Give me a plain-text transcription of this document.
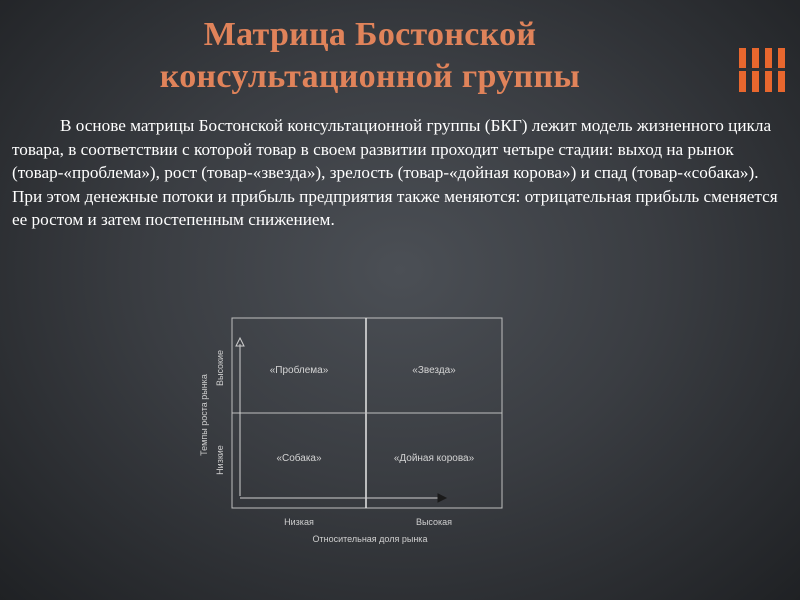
Матрица Бостонской
консультационной группы

В основе матрицы Бостонской консультационной группы (БКГ) лежит модель жизненного цикла товара, в соответствии с которой товар в своем развитии проходит четыре стадии: выход на рынок (товар-«проблема»), рост (товар-«звезда»), зрелость (товар-«дойная корова») и спад (товар-«собака»). При этом денежные потоки и прибыль предприятия также меняются: отрицательная прибыль сменяется ее ростом и затем постепенным снижением.

«Проблема»	«Звезда»
«Собака»	«Дойная корова»
Низкая	Высокая
Относительная доля рынка
Темпы роста рынка
Высокие
Низкие
